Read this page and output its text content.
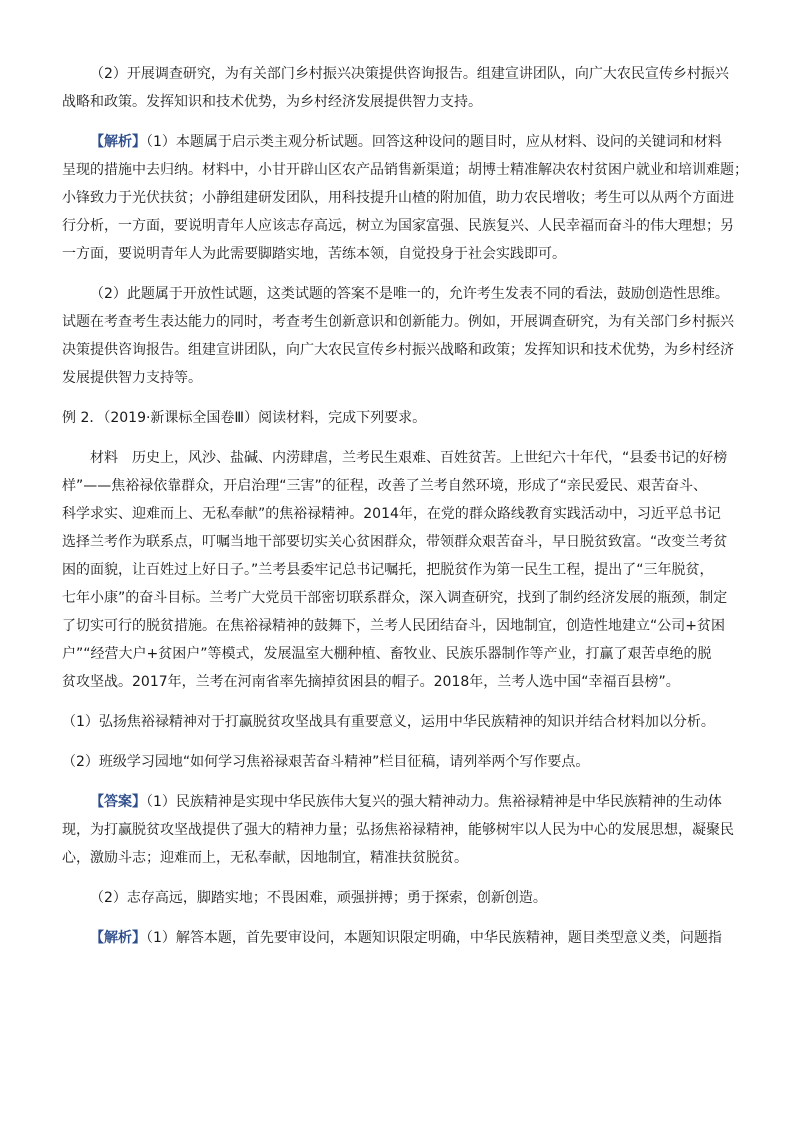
（2）开展调查研究，为有关部门乡村振兴决策提供咨询报告。组建宣讲团队，向广大农民宣传乡村振兴
战略和政策。发挥知识和技术优势，为乡村经济发展提供智力支持。

【解析】（1）本题属于启示类主观分析试题。回答这种设问的题目时，应从材料、设问的关键词和材料
呈现的措施中去归纳。材料中，小甘开辟山区农产品销售新渠道；胡博士精准解决农村贫困户就业和培训难题；
小锋致力于光伏扶贫；小静组建研发团队，用科技提升山楂的附加值，助力农民增收；考生可以从两个方面进
行分析，一方面，要说明青年人应该志存高远，树立为国家富强、民族复兴、人民幸福而奋斗的伟大理想；另
一方面，要说明青年人为此需要脚踏实地，苦练本领，自觉投身于社会实践即可。

（2）此题属于开放性试题，这类试题的答案不是唯一的，允许考生发表不同的看法，鼓励创造性思维。
试题在考查考生表达能力的同时，考查考生创新意识和创新能力。例如，开展调查研究，为有关部门乡村振兴
决策提供咨询报告。组建宣讲团队，向广大农民宣传乡村振兴战略和政策；发挥知识和技术优势，为乡村经济
发展提供智力支持等。

例 2．（2019·新课标全国卷Ⅲ）阅读材料，完成下列要求。

材料　历史上，风沙、盐碱、内涝肆虐，兰考民生艰难、百姓贫苦。上世纪六十年代，“县委书记的好榜
样”——焦裕禄依靠群众，开启治理“三害”的征程，改善了兰考自然环境，形成了“亲民爱民、艰苦奋斗、
科学求实、迎难而上、无私奉献”的焦裕禄精神。2014年，在党的群众路线教育实践活动中，习近平总书记
选择兰考作为联系点，叮嘱当地干部要切实关心贫困群众，带领群众艰苦奋斗，早日脱贫致富。“改变兰考贫
困的面貌，让百姓过上好日子。”兰考县委牢记总书记嘱托，把脱贫作为第一民生工程，提出了“三年脱贫，
七年小康”的奋斗目标。兰考广大党员干部密切联系群众，深入调查研究，找到了制约经济发展的瓶颈，制定
了切实可行的脱贫措施。在焦裕禄精神的鼓舞下，兰考人民团结奋斗，因地制宜，创造性地建立“公司+贫困
户”“经营大户+贫困户”等模式，发展温室大棚种植、畜牧业、民族乐器制作等产业，打赢了艰苦卓绝的脱
贫攻坚战。2017年，兰考在河南省率先摘掉贫困县的帽子。2018年，兰考人选中国“幸福百县榜”。

（1）弘扬焦裕禄精神对于打赢脱贫攻坚战具有重要意义，运用中华民族精神的知识并结合材料加以分析。

（2）班级学习园地“如何学习焦裕禄艰苦奋斗精神”栏目征稿，请列举两个写作要点。

【答案】（1）民族精神是实现中华民族伟大复兴的强大精神动力。焦裕禄精神是中华民族精神的生动体
现，为打赢脱贫攻坚战提供了强大的精神力量；弘扬焦裕禄精神，能够树牢以人民为中心的发展思想，凝聚民
心，激励斗志；迎难而上，无私奉献，因地制宜，精准扶贫脱贫。

（2）志存高远，脚踏实地；不畏困难，顽强拼搏；勇于探索，创新创造。

【解析】（1）解答本题，首先要审设问，本题知识限定明确，中华民族精神，题目类型意义类，问题指
